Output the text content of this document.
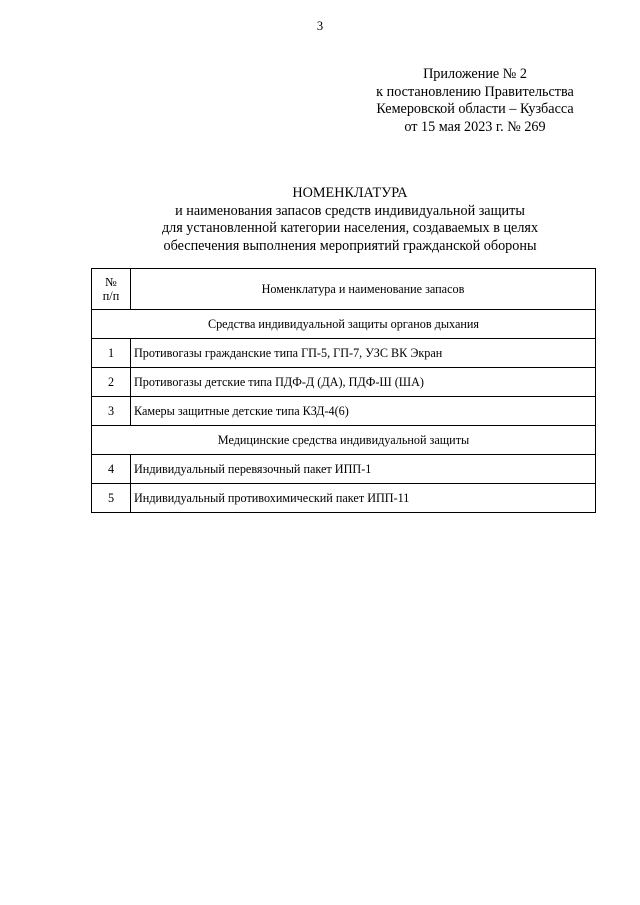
3
Приложение № 2
к постановлению Правительства
Кемеровской области – Кузбасса
от 15 мая 2023 г. № 269
НОМЕНКЛАТУРА
и наименования запасов средств индивидуальной защиты
для установленной категории населения, создаваемых в целях
обеспечения выполнения мероприятий гражданской обороны
№
п/п	Номенклатура и наименование запасов
Средства индивидуальной защиты органов дыхания	
1	Противогазы гражданские типа ГП-5, ГП-7, УЗС ВК Экран
2	Противогазы детские типа ПДФ-Д (ДА), ПДФ-Ш (ША)
3	Камеры защитные детские типа КЗД-4(6)
Медицинские средства индивидуальной защиты	
4	Индивидуальный перевязочный пакет ИПП-1
5	Индивидуальный противохимический пакет ИПП-11
